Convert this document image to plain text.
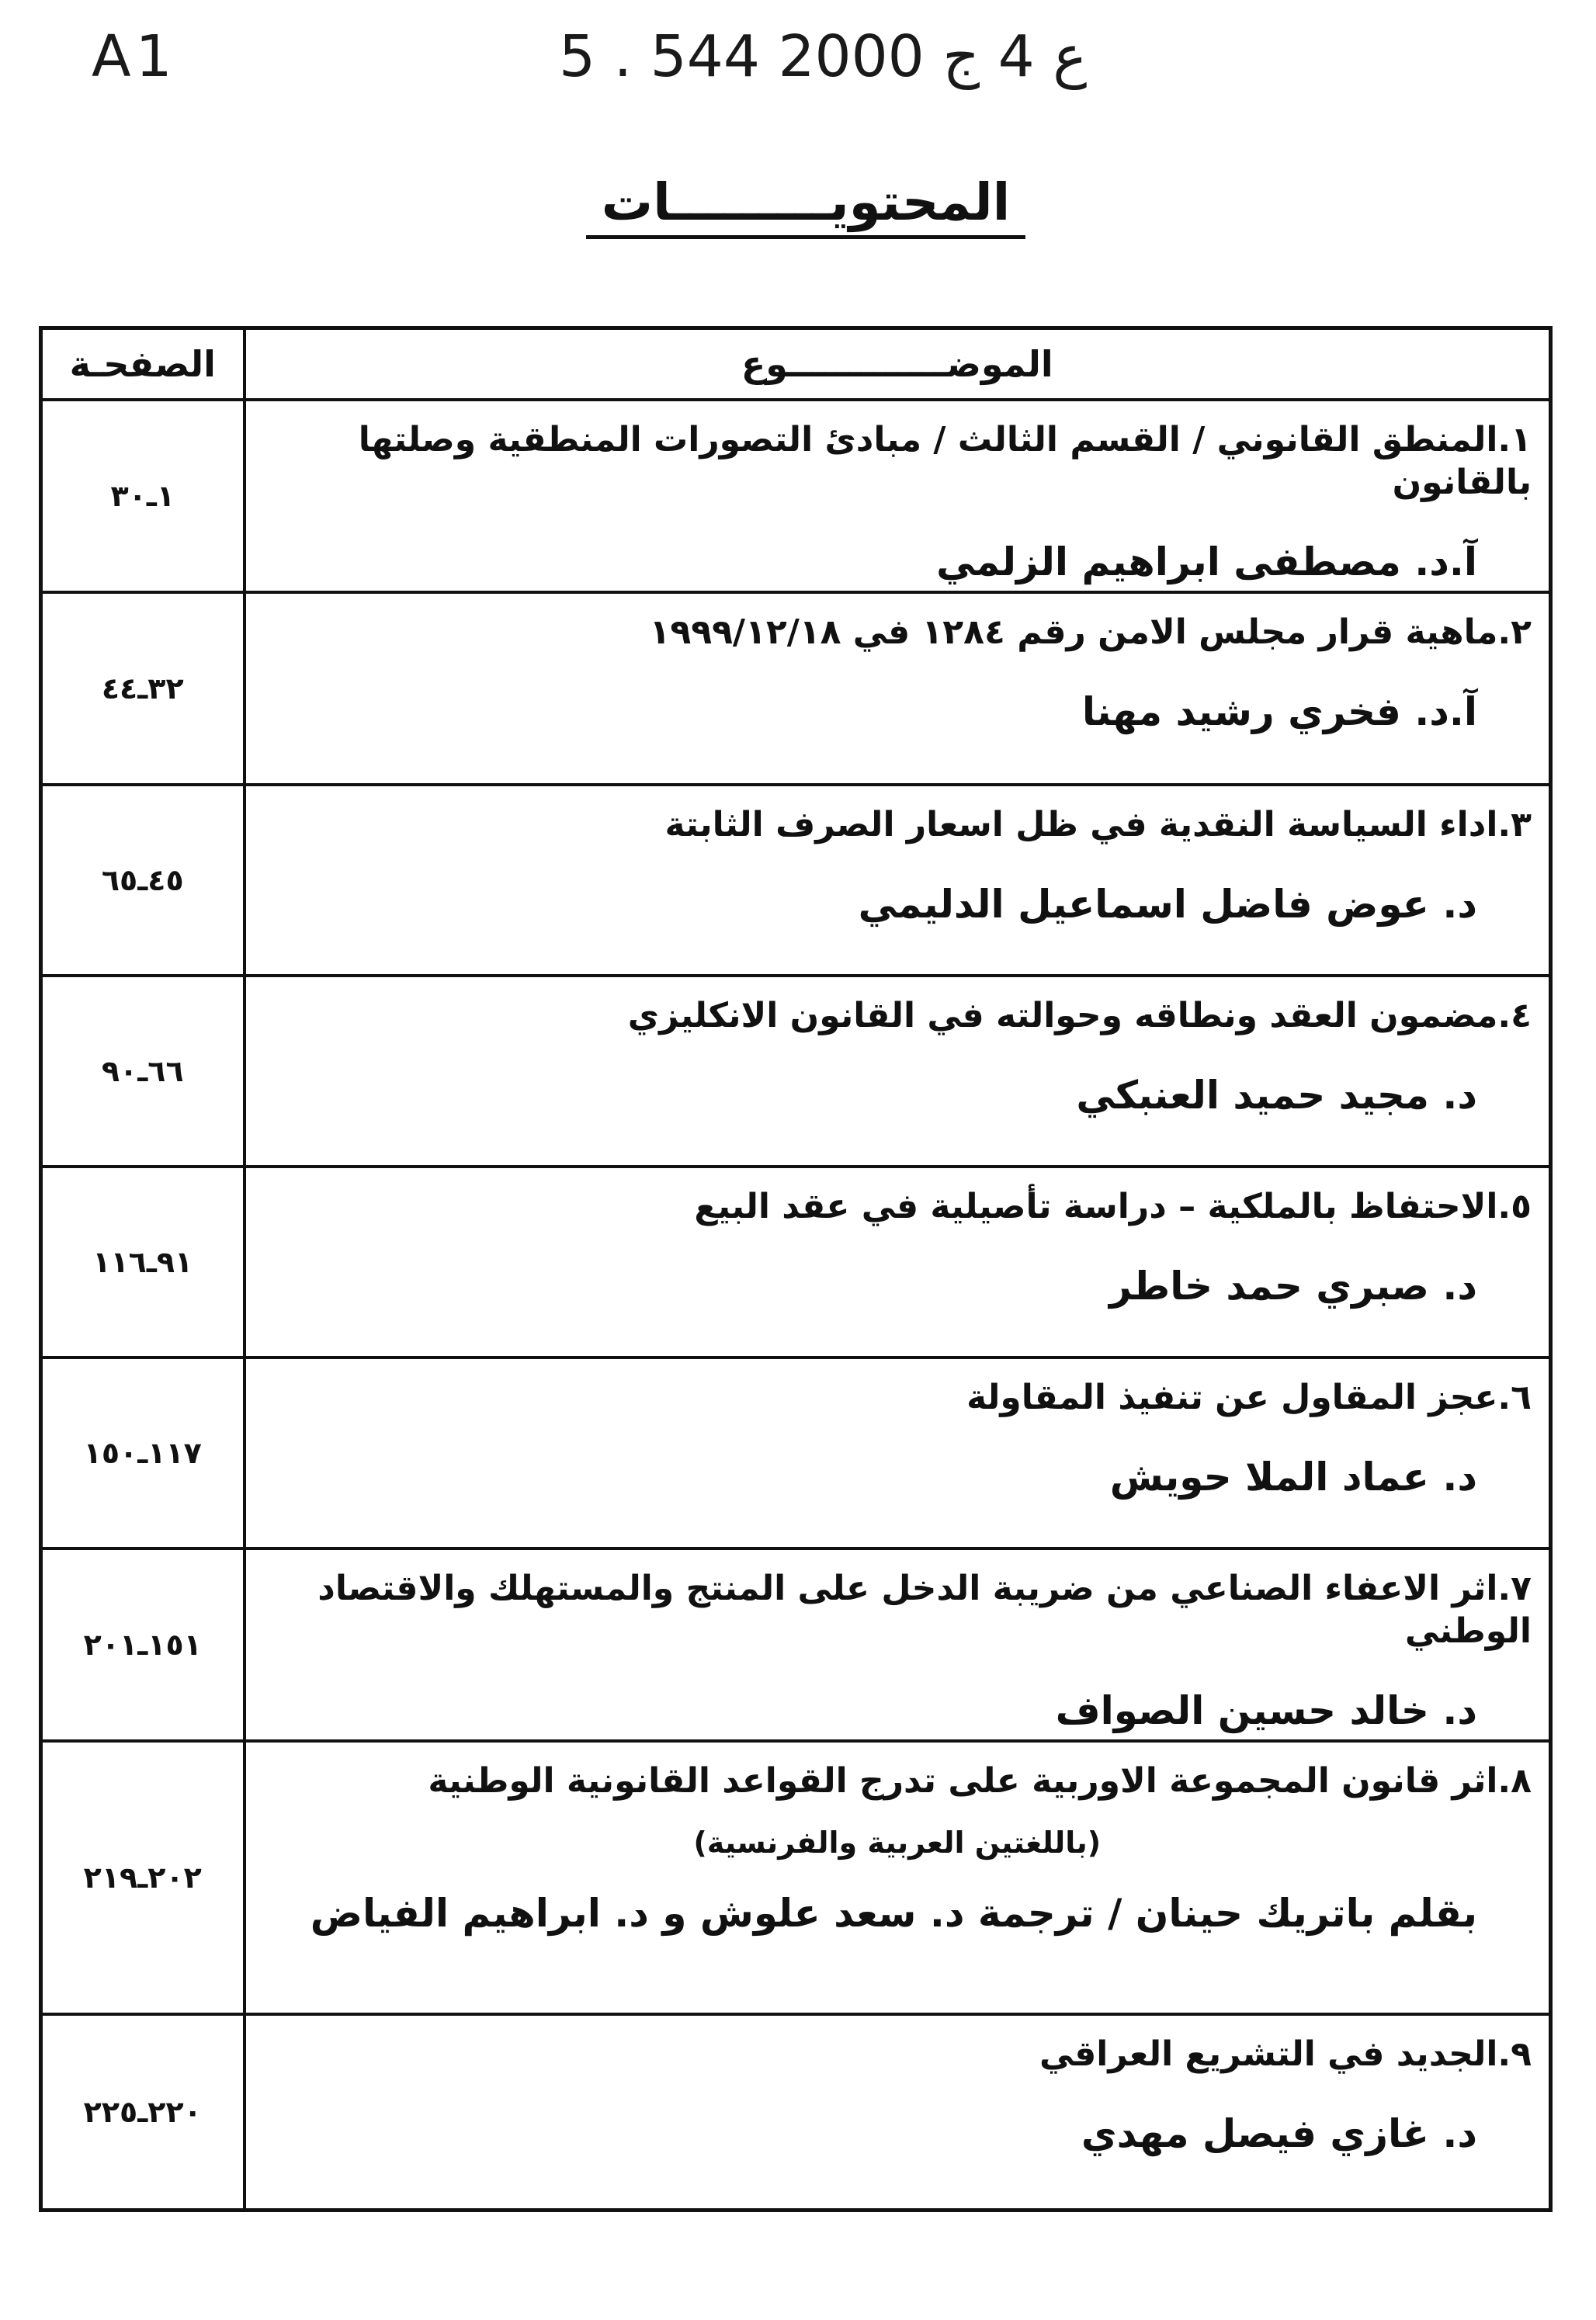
A1	5 . ع 4 ج 2000 544
المحتويـــــــــات
الموضـــــــــــــوع	الصفحـة

١.المنطق القانوني / القسم الثالث / مبادئ التصورات المنطقية وصلتها بالقانون
آ.د. مصطفى ابراهيم الزلمي	١ـ٣٠

٢.ماهية قرار مجلس الامن رقم ١٢٨٤ في ١٩٩٩/١٢/١٨
آ.د. فخري رشيد مهنا	٣٢ـ٤٤

٣.اداء السياسة النقدية في ظل اسعار الصرف الثابتة
د. عوض فاضل اسماعيل الدليمي	٤٥ـ٦٥

٤.مضمون العقد ونطاقه وحوالته في القانون الانكليزي
د. مجيد حميد العنبكي	٦٦ـ٩٠

٥.الاحتفاظ بالملكية – دراسة تأصيلية في عقد البيع
د. صبري حمد خاطر	٩١ـ١١٦

٦.عجز المقاول عن تنفيذ المقاولة
د. عماد الملا حويش	١١٧ـ١٥٠

٧.اثر الاعفاء الصناعي من ضريبة الدخل على المنتج والمستهلك والاقتصاد الوطني
د. خالد حسين الصواف	١٥١ـ٢٠١

٨.اثر قانون المجموعة الاوربية على تدرج القواعد القانونية الوطنية
(باللغتين العربية والفرنسية)
بقلم باتريك حينان / ترجمة د. سعد علوش و د. ابراهيم الفياض	٢٠٢ـ٢١٩

٩.الجديد في التشريع العراقي
د. غازي فيصل مهدي	٢٢٠ـ٢٢٥
